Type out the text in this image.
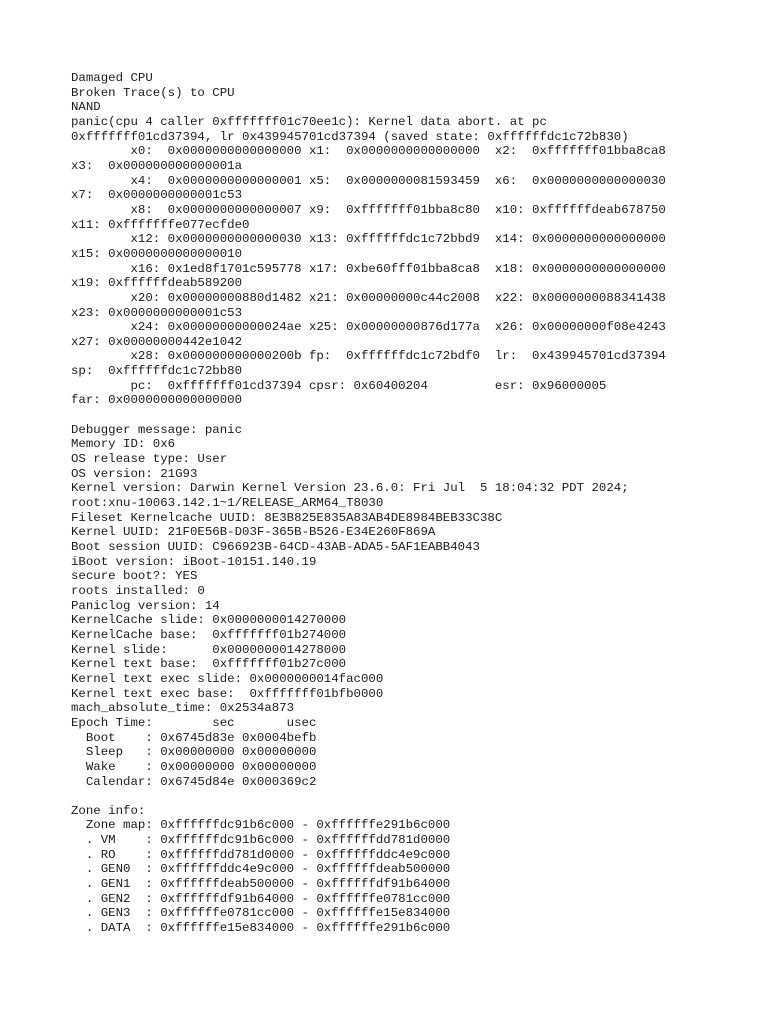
Damaged CPU
Broken Trace(s) to CPU
NAND
panic(cpu 4 caller 0xfffffff01c70ee1c): Kernel data abort. at pc
0xfffffff01cd37394, lr 0x439945701cd37394 (saved state: 0xffffffdc1c72b830)
x0:  0x0000000000000000 x1:  0x0000000000000000  x2:  0xfffffff01bba8ca8
x3:  0x000000000000001a
x4:  0x0000000000000001 x5:  0x0000000081593459  x6:  0x0000000000000030
x7:  0x0000000000001c53
x8:  0x0000000000000007 x9:  0xfffffff01bba8c80  x10: 0xffffffdeab678750
x11: 0xfffffffe077ecfde0
x12: 0x0000000000000030 x13: 0xffffffdc1c72bbd9  x14: 0x0000000000000000
x15: 0x0000000000000010
x16: 0x1ed8f1701c595778 x17: 0xbe60fff01bba8ca8  x18: 0x0000000000000000
x19: 0xffffffdeab589200
x20: 0x00000000880d1482 x21: 0x00000000c44c2008  x22: 0x0000000088341438
x23: 0x0000000000001c53
x24: 0x00000000000024ae x25: 0x00000000876d177a  x26: 0x00000000f08e4243
x27: 0x00000000442e1042
x28: 0x000000000000200b fp:  0xffffffdc1c72bdf0  lr:  0x439945701cd37394
sp:  0xffffffdc1c72bb80
pc:  0xfffffff01cd37394 cpsr: 0x60400204         esr: 0x96000005
far: 0x0000000000000000
Debugger message: panic
Memory ID: 0x6
OS release type: User
OS version: 21G93
Kernel version: Darwin Kernel Version 23.6.0: Fri Jul  5 18:04:32 PDT 2024;
root:xnu-10063.142.1~1/RELEASE_ARM64_T8030
Fileset Kernelcache UUID: 8E3B825E835A83AB4DE8984BEB33C38C
Kernel UUID: 21F0E56B-D03F-365B-B526-E34E260F869A
Boot session UUID: C966923B-64CD-43AB-ADA5-5AF1EABB4043
iBoot version: iBoot-10151.140.19
secure boot?: YES
roots installed: 0
Paniclog version: 14
KernelCache slide: 0x0000000014270000
KernelCache base:  0xfffffff01b274000
Kernel slide:      0x0000000014278000
Kernel text base:  0xfffffff01b27c000
Kernel text exec slide: 0x0000000014fac000
Kernel text exec base:  0xfffffff01bfb0000
mach_absolute_time: 0x2534a873
Epoch Time:        sec       usec
Boot    : 0x6745d83e 0x0004befb
Sleep   : 0x00000000 0x00000000
Wake    : 0x00000000 0x00000000
Calendar: 0x6745d84e 0x000369c2
Zone info:
Zone map: 0xffffffdc91b6c000 - 0xffffffe291b6c000
. VM    : 0xffffffdc91b6c000 - 0xffffffdd781d0000
. RO    : 0xffffffdd781d0000 - 0xffffffddc4e9c000
. GEN0  : 0xffffffddc4e9c000 - 0xffffffdeab500000
. GEN1  : 0xffffffdeab500000 - 0xffffffdf91b64000
. GEN2  : 0xffffffdf91b64000 - 0xffffffe0781cc000
. GEN3  : 0xffffffe0781cc000 - 0xffffffe15e834000
. DATA  : 0xffffffe15e834000 - 0xffffffe291b6c000
